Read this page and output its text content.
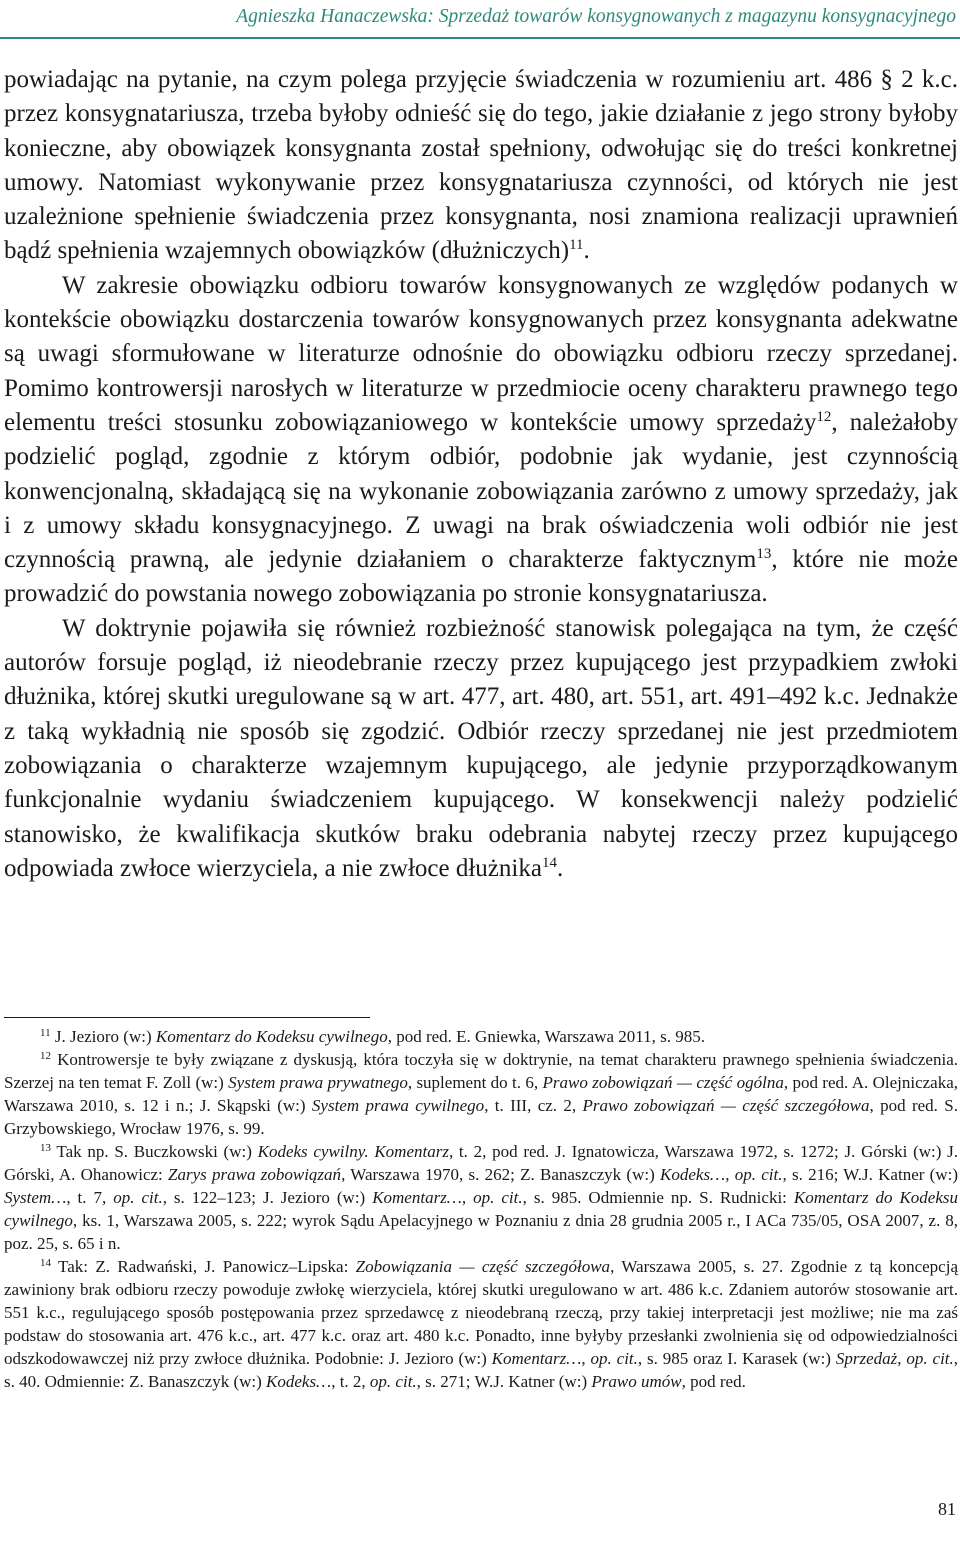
Agnieszka Hanaczewska: Sprzedaż towarów konsygnowanych z magazynu konsygnacyjnego

powiadając na pytanie, na czym polega przyjęcie świadczenia w rozumieniu art. 486 § 2 k.c. przez konsygnatariusza, trzeba byłoby odnieść się do tego, jakie działanie z jego strony byłoby konieczne, aby obowiązek konsygnanta został spełniony, odwołując się do treści konkretnej umowy. Natomiast wykonywanie przez konsygnatariusza czynności, od których nie jest uzależnione spełnienie świadczenia przez konsygnanta, nosi znamiona realizacji uprawnień bądź spełnienia wzajemnych obowiązków (dłużniczych)$^{11}$.

W zakresie obowiązku odbioru towarów konsygnowanych ze względów podanych w kontekście obowiązku dostarczenia towarów konsygnowanych przez konsygnanta adekwatne są uwagi sformułowane w literaturze odnośnie do obowiązku odbioru rzeczy sprzedanej. Pomimo kontrowersji narosłych w literaturze w przedmiocie oceny charakteru prawnego tego elementu treści stosunku zobowiązaniowego w kontekście umowy sprzedaży$^{12}$, należałoby podzielić pogląd, zgodnie z którym odbiór, podobnie jak wydanie, jest czynnością konwencjonalną, składającą się na wykonanie zobowiązania zarówno z umowy sprzedaży, jak i z umowy składu konsygnacyjnego. Z uwagi na brak oświadczenia woli odbiór nie jest czynnością prawną, ale jedynie działaniem o charakterze faktycznym$^{13}$, które nie może prowadzić do powstania nowego zobowiązania po stronie konsygnatariusza.

W doktrynie pojawiła się również rozbieżność stanowisk polegająca na tym, że część autorów forsuje pogląd, iż nieodebranie rzeczy przez kupującego jest przypadkiem zwłoki dłużnika, której skutki uregulowane są w art. 477, art. 480, art. 551, art. 491–492 k.c. Jednakże z taką wykładnią nie sposób się zgodzić. Odbiór rzeczy sprzedanej nie jest przedmiotem zobowiązania o charakterze wzajemnym kupującego, ale jedynie przyporządkowanym funkcjonalnie wydaniu świadczeniem kupującego. W konsekwencji należy podzielić stanowisko, że kwalifikacja skutków braku odebrania nabytej rzeczy przez kupującego odpowiada zwłoce wierzyciela, a nie zwłoce dłużnika$^{14}$.

$^{11}$ J. Jezioro (w:) Komentarz do Kodeksu cywilnego, pod red. E. Gniewka, Warszawa 2011, s. 985.

$^{12}$ Kontrowersje te były związane z dyskusją, która toczyła się w doktrynie, na temat charakteru prawnego spełnienia świadczenia. Szerzej na ten temat F. Zoll (w:) System prawa prywatnego, suplement do t. 6, Prawo zobowiązań — część ogólna, pod red. A. Olejniczaka, Warszawa 2010, s. 12 i n.; J. Skąpski (w:) System prawa cywilnego, t. III, cz. 2, Prawo zobowiązań — część szczegółowa, pod red. S. Grzybowskiego, Wrocław 1976, s. 99.

$^{13}$ Tak np. S. Buczkowski (w:) Kodeks cywilny. Komentarz, t. 2, pod red. J. Ignatowicza, Warszawa 1972, s. 1272; J. Górski (w:) J. Górski, A. Ohanowicz: Zarys prawa zobowiązań, Warszawa 1970, s. 262; Z. Banaszczyk (w:) Kodeks…, op. cit., s. 216; W.J. Katner (w:) System…, t. 7, op. cit., s. 122–123; J. Jezioro (w:) Komentarz…, op. cit., s. 985. Odmiennie np. S. Rudnicki: Komentarz do Kodeksu cywilnego, ks. 1, Warszawa 2005, s. 222; wyrok Sądu Apelacyjnego w Poznaniu z dnia 28 grudnia 2005 r., I ACa 735/05, OSA 2007, z. 8, poz. 25, s. 65 i n.

$^{14}$ Tak: Z. Radwański, J. Panowicz–Lipska: Zobowiązania — część szczegółowa, Warszawa 2005, s. 27. Zgodnie z tą koncepcją zawiniony brak odbioru rzeczy powoduje zwłokę wierzyciela, której skutki uregulowano w art. 486 k.c. Zdaniem autorów stosowanie art. 551 k.c., regulującego sposób postępowania przez sprzedawcę z nieodebraną rzeczą, przy takiej interpretacji jest możliwe; nie ma zaś podstaw do stosowania art. 476 k.c., art. 477 k.c. oraz art. 480 k.c. Ponadto, inne byłyby przesłanki zwolnienia się od odpowiedzialności odszkodowawczej niż przy zwłoce dłużnika. Podobnie: J. Jezioro (w:) Komentarz…, op. cit., s. 985 oraz I. Karasek (w:) Sprzedaż, op. cit., s. 40. Odmiennie: Z. Banaszczyk (w:) Kodeks…, t. 2, op. cit., s. 271; W.J. Katner (w:) Prawo umów, pod red.

81
